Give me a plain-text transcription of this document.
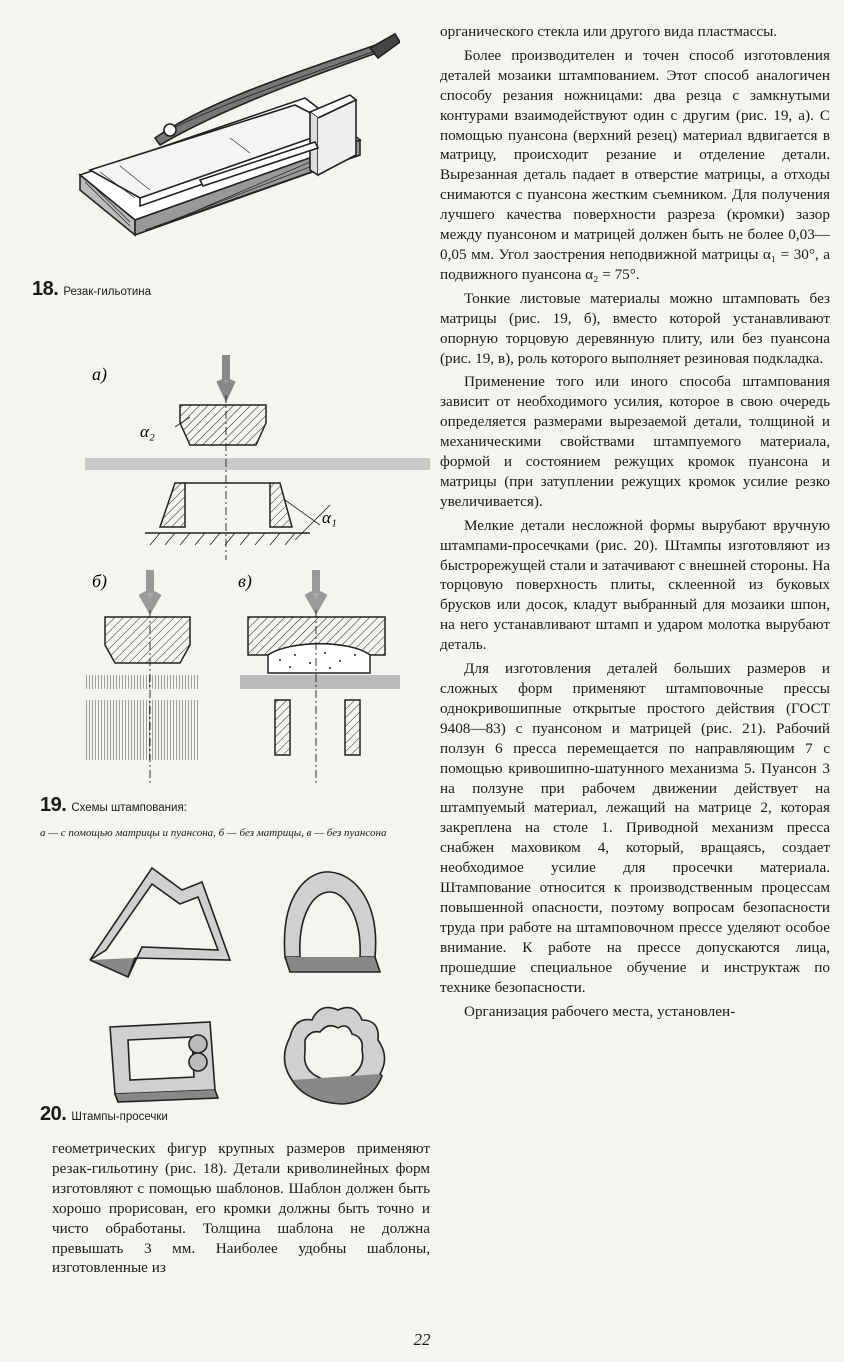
18. Резак-гильотина
а)
б)	в)
α₂
α₁
19. Схемы штампования:
а — с помощью матрицы и пуансона, б — без матрицы, в — без пуансона
20. Штампы-просечки

геометрических фигур крупных размеров применяют резак-гильотину (рис. 18). Детали криволинейных форм изготовляют с помощью шаблонов. Шаблон должен быть хорошо прорисован, его кромки должны быть точно и чисто обработаны. Толщина шаблона не должна превышать 3 мм. Наиболее удобны шаблоны, изготовленные из

органического стекла или другого вида пластмассы.

Более производителен и точен способ изготовления деталей мозаики штампованием. Этот способ аналогичен способу резания ножницами: два резца с замкнутыми контурами взаимодействуют один с другим (рис. 19, а). С помощью пуансона (верхний резец) материал вдвигается в матрицу, происходит резание и отделение детали. Вырезанная деталь падает в отверстие матрицы, а отходы снимаются с пуансона жестким съемником. Для получения лучшего качества поверхности разреза (кромки) зазор между пуансоном и матрицей должен быть не более 0,03—0,05 мм. Угол заострения неподвижной матрицы α₁ = 30°, а подвижного пуансона α₂ = 75°.

Тонкие листовые материалы можно штамповать без матрицы (рис. 19, б), вместо которой устанавливают опорную торцовую деревянную плиту, или без пуансона (рис. 19, в), роль которого выполняет резиновая подкладка.

Применение того или иного способа штампования зависит от необходимого усилия, которое в свою очередь определяется размерами вырезаемой детали, толщиной и механическими свойствами штампуемого материала, формой и состоянием режущих кромок пуансона и матрицы (при затуплении режущих кромок усилие резко увеличивается).

Мелкие детали несложной формы вырубают вручную штампами-просечками (рис. 20). Штампы изготовляют из быстрорежущей стали и затачивают с внешней стороны. На торцовую поверхность плиты, склеенной из буковых брусков или досок, кладут выбранный для мозаики шпон, на него устанавливают штамп и ударом молотка вырубают деталь.

Для изготовления деталей больших размеров и сложных форм применяют штамповочные прессы однокривошипные открытые простого действия (ГОСТ 9408—83) с пуансоном и матрицей (рис. 21). Рабочий ползун 6 пресса перемещается по направляющим 7 с помощью кривошипно-шатунного механизма 5. Пуансон 3 на ползуне при рабочем движении действует на штампуемый материал, лежащий на матрице 2, которая закреплена на столе 1. Приводной механизм пресса снабжен маховиком 4, который, вращаясь, создает необходимое усилие для просечки материала. Штампование относится к производственным процессам повышенной опасности, поэтому вопросам безопасности труда при работе на штамповочном прессе уделяют особое внимание. К работе на прессе допускаются лица, прошедшие специальное обучение и инструктаж по технике безопасности.

Организация рабочего места, установлен-

22
